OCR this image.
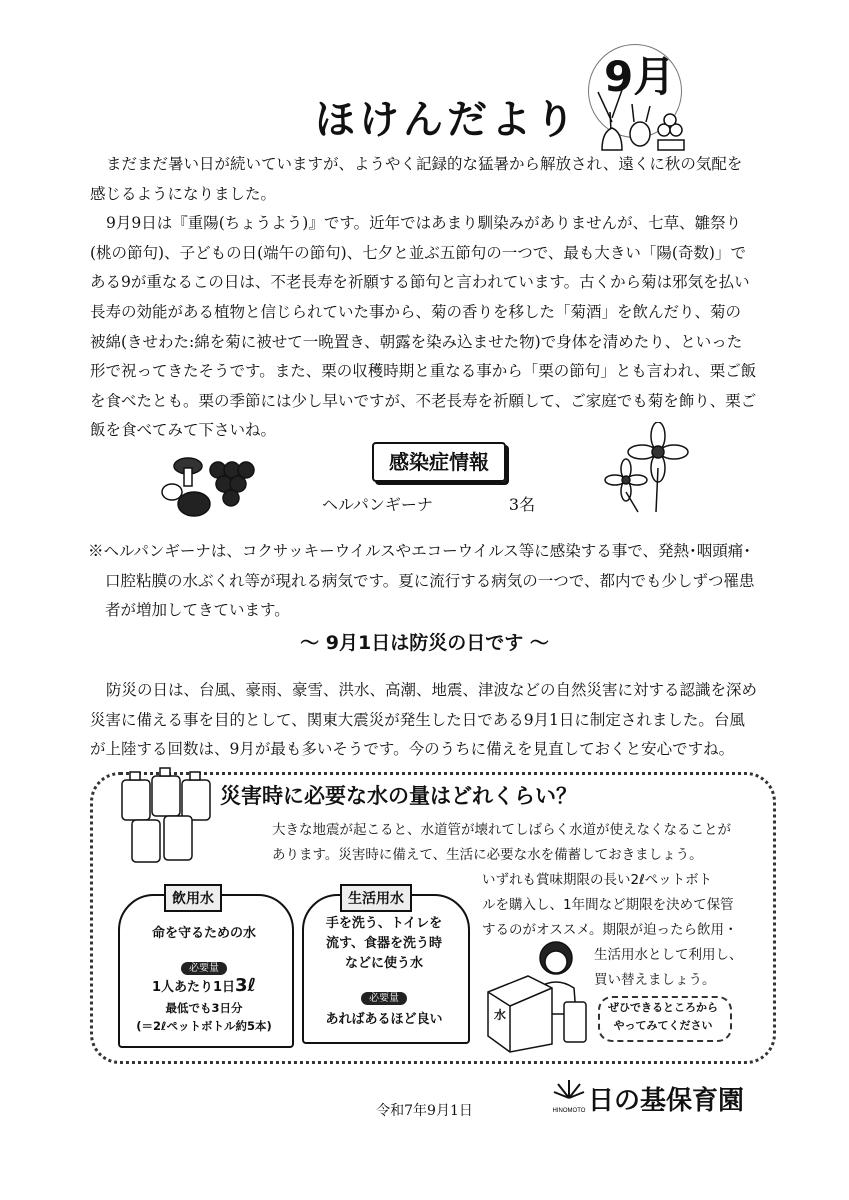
ほけんだより
9月
まだまだ暑い日が続いていますが、ようやく記録的な猛暑から解放され、遠くに秋の気配を
感じるようになりました。
9月9日は『重陽(ちょうよう)』です。近年ではあまり馴染みがありませんが、七草、雛祭り
(桃の節句)、子どもの日(端午の節句)、七夕と並ぶ五節句の一つで、最も大きい「陽(奇数)」で
ある9が重なるこの日は、不老長寿を祈願する節句と言われています。古くから菊は邪気を払い
長寿の効能がある植物と信じられていた事から、菊の香りを移した「菊酒」を飲んだり、菊の
被綿(きせわた:綿を菊に被せて一晩置き、朝露を染み込ませた物)で身体を清めたり、といった
形で祝ってきたそうです。また、栗の収穫時期と重なる事から「栗の節句」とも言われ、栗ご飯
を食べたとも。栗の季節には少し早いですが、不老長寿を祈願して、ご家庭でも菊を飾り、栗ご
飯を食べてみて下さいね。
感染症情報
ヘルパンギーナ	3名
※ヘルパンギーナは、コクサッキーウイルスやエコーウイルス等に感染する事で、発熱･咽頭痛･
口腔粘膜の水ぶくれ等が現れる病気です。夏に流行する病気の一つで、都内でも少しずつ罹患
者が増加してきています。
～ 9月1日は防災の日です ～
防災の日は、台風、豪雨、豪雪、洪水、高潮、地震、津波などの自然災害に対する認識を深め
災害に備える事を目的として、関東大震災が発生した日である9月1日に制定されました。台風
が上陸する回数は、9月が最も多いそうです。今のうちに備えを見直しておくと安心ですね。
災害時に必要な水の量はどれくらい？
大きな地震が起こると、水道管が壊れてしばらく水道が使えなくなることが
あります。災害時に備えて、生活に必要な水を備蓄しておきましょう。
いずれも賞味期限の長い2ℓペットボト
ルを購入し、1年間など期限を決めて保管
するのがオススメ。期限が迫ったら飲用・
生活用水として利用し、
買い替えましょう。
飲用水
命を守るための水
必要量
1人あたり1日3ℓ
最低でも3日分
(＝2ℓペットボトル約5本)
生活用水
手を洗う、トイレを
流す、食器を洗う時
などに使う水
必要量
あればあるほど良い	水
ぜひできるところから
やってみてください
令和7年9月1日	HINOMOTO 日の基保育園
